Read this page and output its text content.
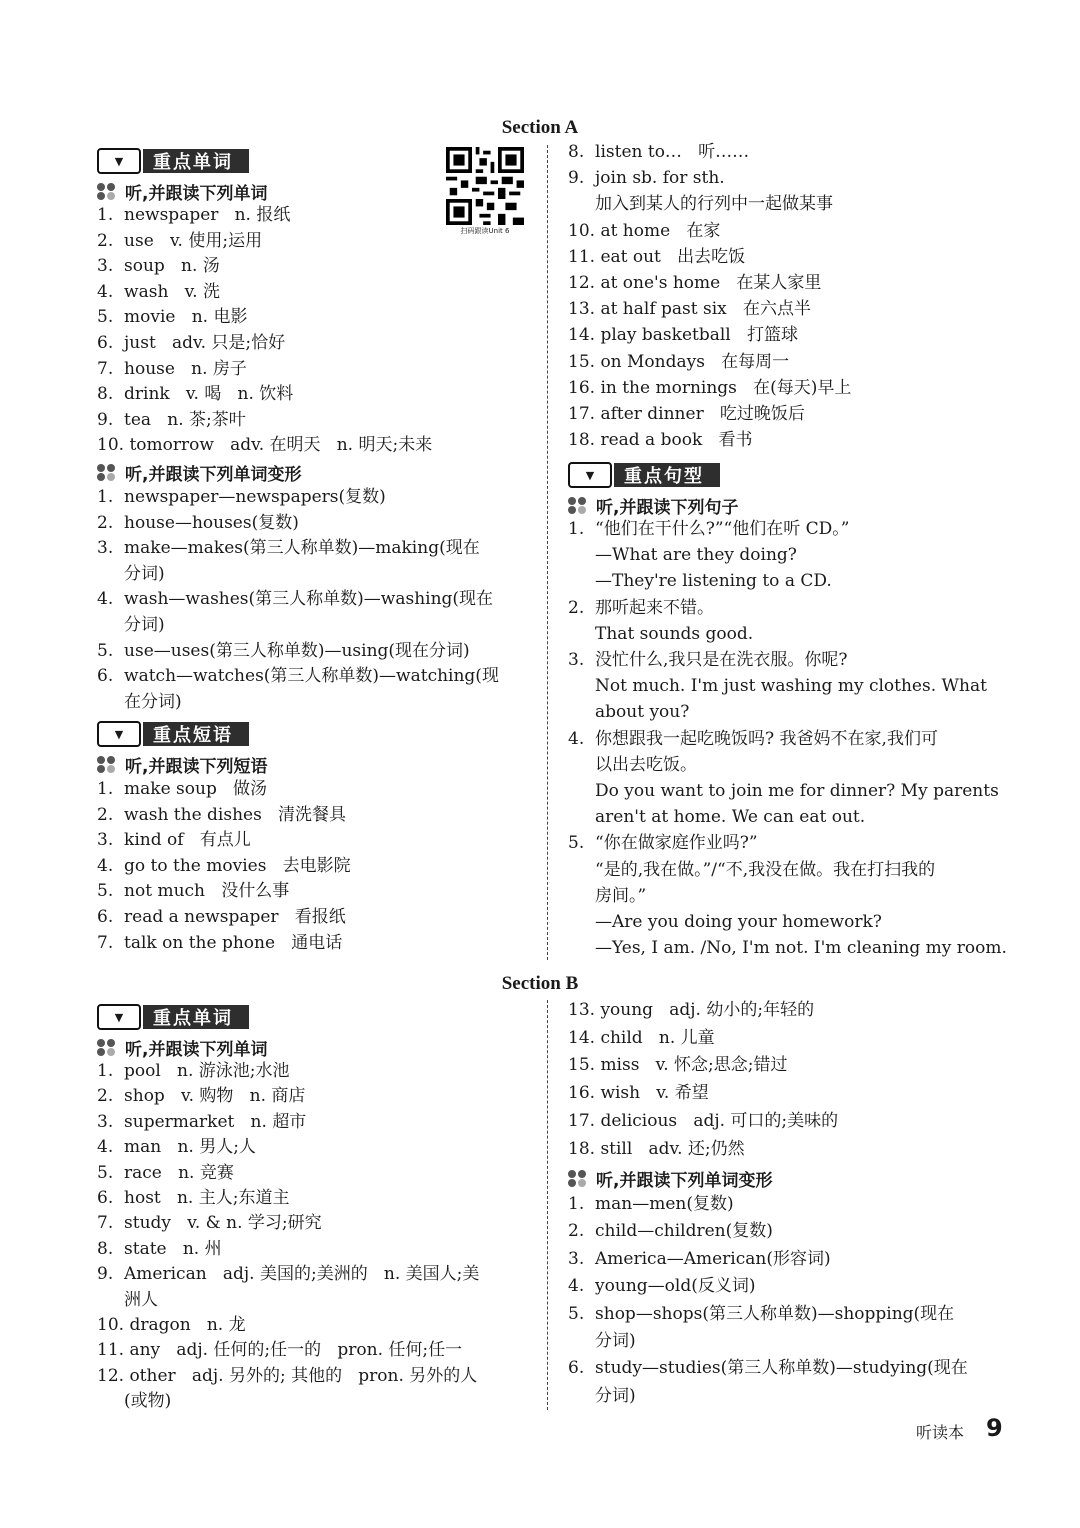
Section A
扫码跟读Unit 6
▼	重点单词
听,并跟读下列单词
1.  newspaper   n. 报纸
2.  use   v. 使用;运用
3.  soup   n. 汤
4.  wash   v. 洗
5.  movie   n. 电影
6.  just   adv. 只是;恰好
7.  house   n. 房子
8.  drink   v. 喝   n. 饮料
9.  tea   n. 茶;茶叶
10. tomorrow   adv. 在明天   n. 明天;未来
听,并跟读下列单词变形
1.  newspaper—newspapers(复数)
2.  house—houses(复数)
3.  make—makes(第三人称单数)—making(现在
分词)
4.  wash—washes(第三人称单数)—washing(现在
分词)
5.  use—uses(第三人称单数)—using(现在分词)
6.  watch—watches(第三人称单数)—watching(现
在分词)
▼	重点短语
听,并跟读下列短语
1.  make soup   做汤
2.  wash the dishes   清洗餐具
3.  kind of   有点儿
4.  go to the movies   去电影院
5.  not much   没什么事
6.  read a newspaper   看报纸
7.  talk on the phone   通电话
8.  listen to…   听……
9.  join sb. for sth.
加入到某人的行列中一起做某事
10. at home   在家
11. eat out   出去吃饭
12. at one's home   在某人家里
13. at half past six   在六点半
14. play basketball   打篮球
15. on Mondays   在每周一
16. in the mornings   在(每天)早上
17. after dinner   吃过晚饭后
18. read a book   看书
▼	重点句型
听,并跟读下列句子
1.  “他们在干什么?”“他们在听 CD。”
—What are they doing?
—They're listening to a CD.
2.  那听起来不错。
That sounds good.
3.  没忙什么,我只是在洗衣服。你呢?
Not much. I'm just washing my clothes. What
about you?
4.  你想跟我一起吃晚饭吗? 我爸妈不在家,我们可
以出去吃饭。
Do you want to join me for dinner? My parents
aren't at home. We can eat out.
5.  “你在做家庭作业吗?”
“是的,我在做。”/“不,我没在做。我在打扫我的
房间。”
—Are you doing your homework?
—Yes, I am. /No, I'm not. I'm cleaning my room.
Section B
▼	重点单词
听,并跟读下列单词
1.  pool   n. 游泳池;水池
2.  shop   v. 购物   n. 商店
3.  supermarket   n. 超市
4.  man   n. 男人;人
5.  race   n. 竞赛
6.  host   n. 主人;东道主
7.  study   v. & n. 学习;研究
8.  state   n. 州
9.  American   adj. 美国的;美洲的   n. 美国人;美
洲人
10. dragon   n. 龙
11. any   adj. 任何的;任一的   pron. 任何;任一
12. other   adj. 另外的; 其他的   pron. 另外的人
(或物)
13. young   adj. 幼小的;年轻的
14. child   n. 儿童
15. miss   v. 怀念;思念;错过
16. wish   v. 希望
17. delicious   adj. 可口的;美味的
18. still   adv. 还;仍然
听,并跟读下列单词变形
1.  man—men(复数)
2.  child—children(复数)
3.  America—American(形容词)
4.  young—old(反义词)
5.  shop—shops(第三人称单数)—shopping(现在
分词)
6.  study—studies(第三人称单数)—studying(现在
分词)
听读本 9
